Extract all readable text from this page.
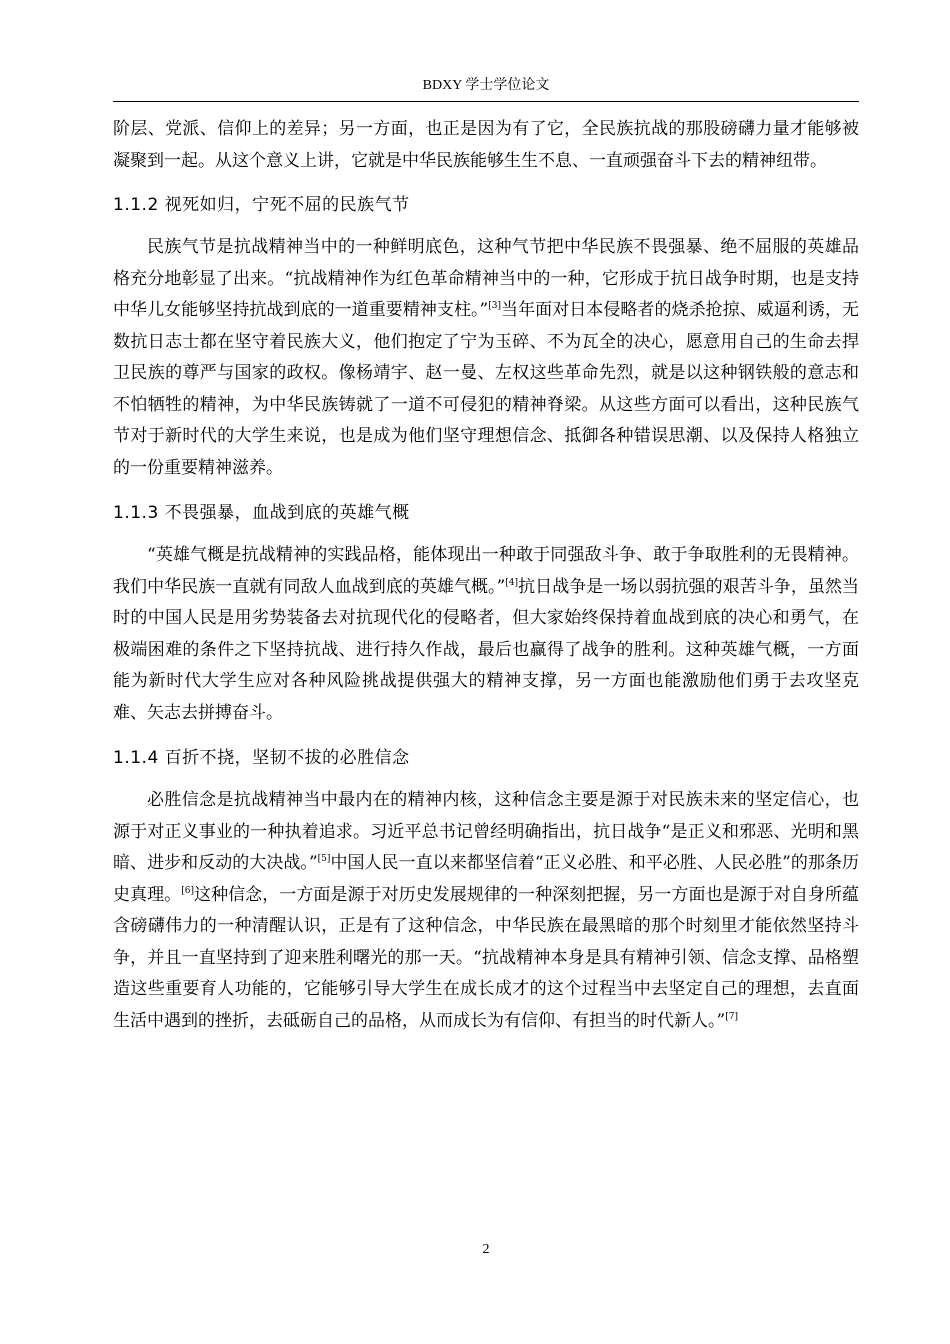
BDXY 学士学位论文

阶层、党派、信仰上的差异；另一方面，也正是因为有了它，全民族抗战的那股磅礴力量才能够被凝聚到一起。从这个意义上讲，它就是中华民族能够生生不息、一直顽强奋斗下去的精神纽带。

1.1.2 视死如归，宁死不屈的民族气节

民族气节是抗战精神当中的一种鲜明底色，这种气节把中华民族不畏强暴、绝不屈服的英雄品格充分地彰显了出来。“抗战精神作为红色革命精神当中的一种，它形成于抗日战争时期，也是支持中华儿女能够坚持抗战到底的一道重要精神支柱。”[3]当年面对日本侵略者的烧杀抢掠、威逼利诱，无数抗日志士都在坚守着民族大义，他们抱定了宁为玉碎、不为瓦全的决心，愿意用自己的生命去捍卫民族的尊严与国家的政权。像杨靖宇、赵一曼、左权这些革命先烈，就是以这种钢铁般的意志和不怕牺牲的精神，为中华民族铸就了一道不可侵犯的精神脊梁。从这些方面可以看出，这种民族气节对于新时代的大学生来说，也是成为他们坚守理想信念、抵御各种错误思潮、以及保持人格独立的一份重要精神滋养。

1.1.3 不畏强暴，血战到底的英雄气概

“英雄气概是抗战精神的实践品格，能体现出一种敢于同强敌斗争、敢于争取胜利的无畏精神。我们中华民族一直就有同敌人血战到底的英雄气概。”[4]抗日战争是一场以弱抗强的艰苦斗争，虽然当时的中国人民是用劣势装备去对抗现代化的侵略者，但大家始终保持着血战到底的决心和勇气，在极端困难的条件之下坚持抗战、进行持久作战，最后也赢得了战争的胜利。这种英雄气概，一方面能为新时代大学生应对各种风险挑战提供强大的精神支撑，另一方面也能激励他们勇于去攻坚克难、矢志去拼搏奋斗。

1.1.4 百折不挠，坚韧不拔的必胜信念

必胜信念是抗战精神当中最内在的精神内核，这种信念主要是源于对民族未来的坚定信心，也源于对正义事业的一种执着追求。习近平总书记曾经明确指出，抗日战争“是正义和邪恶、光明和黑暗、进步和反动的大决战。”[5]中国人民一直以来都坚信着“正义必胜、和平必胜、人民必胜”的那条历史真理。[6]这种信念，一方面是源于对历史发展规律的一种深刻把握，另一方面也是源于对自身所蕴含磅礴伟力的一种清醒认识，正是有了这种信念，中华民族在最黑暗的那个时刻里才能依然坚持斗争，并且一直坚持到了迎来胜利曙光的那一天。“抗战精神本身是具有精神引领、信念支撑、品格塑造这些重要育人功能的，它能够引导大学生在成长成才的这个过程当中去坚定自己的理想，去直面生活中遇到的挫折，去砥砺自己的品格，从而成长为有信仰、有担当的时代新人。”[7]

2
